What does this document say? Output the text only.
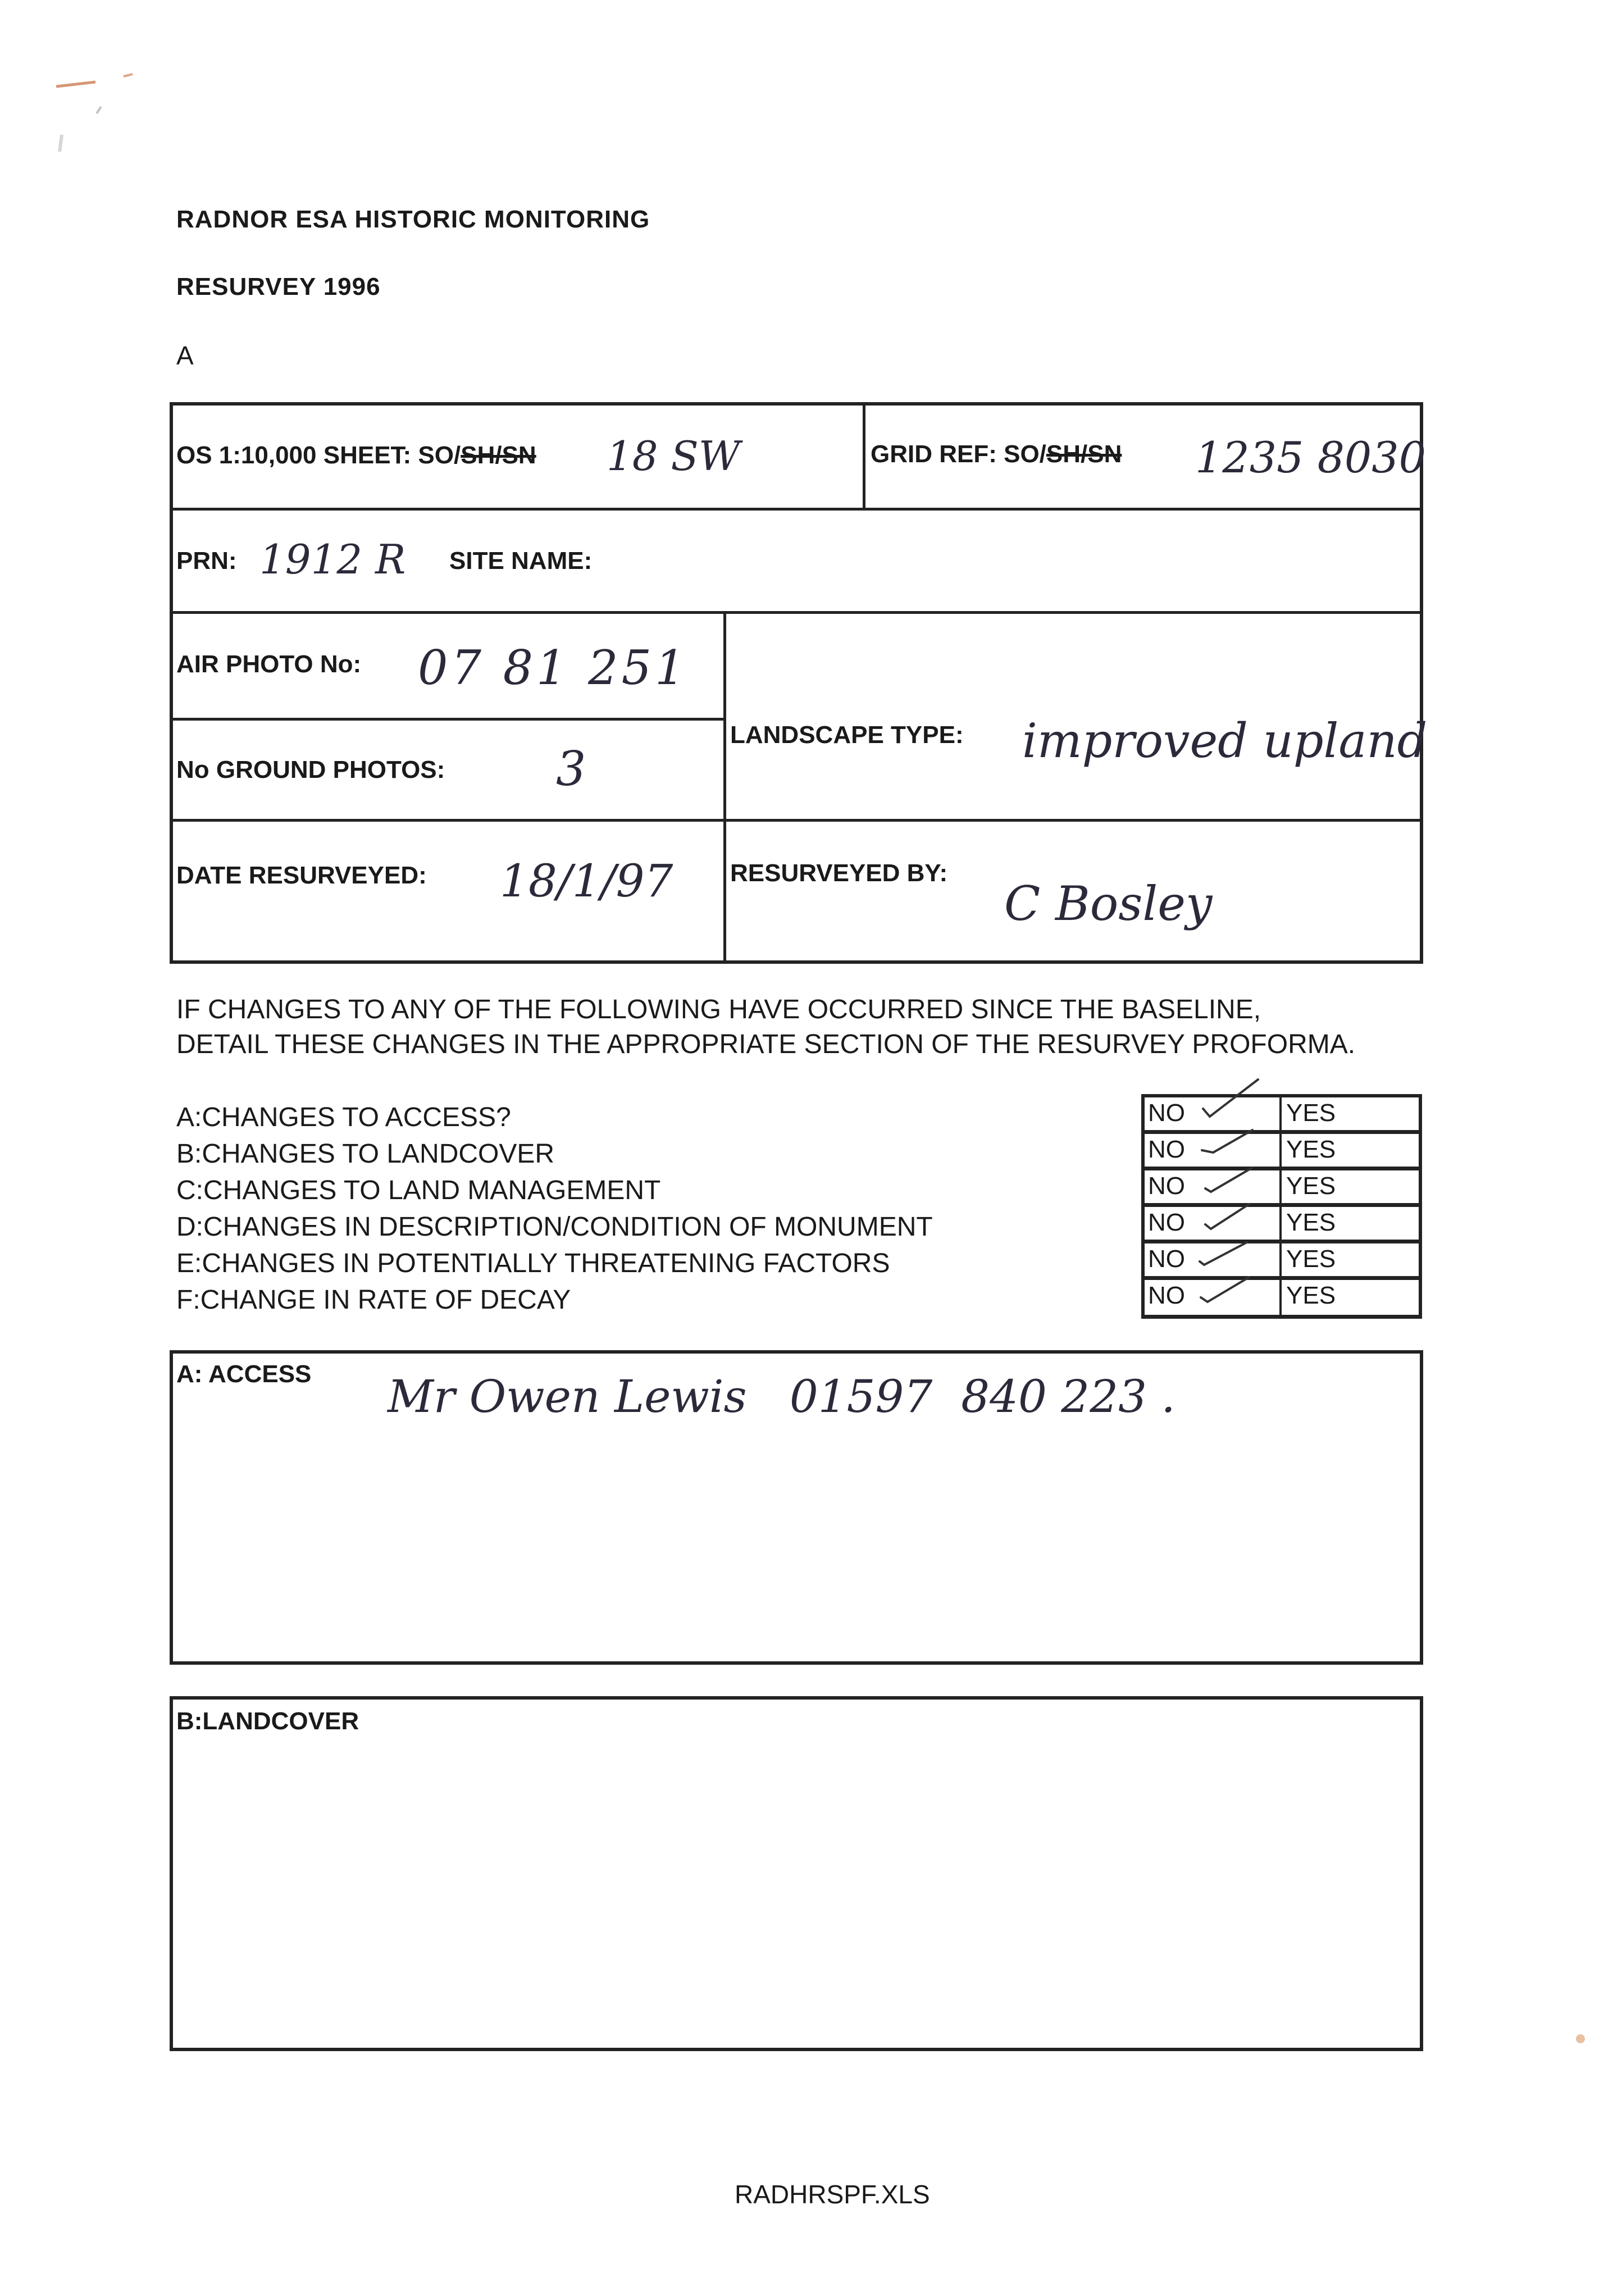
RADNOR ESA HISTORIC MONITORING
RESURVEY 1996
A
OS 1:10,000 SHEET: SO/SH/SN 18 SW	GRID REF: SO/SH/SN 1235 8030
PRN: 1912 R SITE NAME:
AIR PHOTO No: 07 81 251
No GROUND PHOTOS: 3
LANDSCAPE TYPE: improved upland
DATE RESURVEYED: 18/1/97 RESURVEYED BY:
C Bosley
IF CHANGES TO ANY OF THE FOLLOWING HAVE OCCURRED SINCE THE BASELINE,
DETAIL THESE CHANGES IN THE APPROPRIATE SECTION OF THE RESURVEY PROFORMA.
A:CHANGES TO ACCESS?
B:CHANGES TO LANDCOVER
C:CHANGES TO LAND MANAGEMENT
D:CHANGES IN DESCRIPTION/CONDITION OF MONUMENT
E:CHANGES IN POTENTIALLY THREATENING FACTORS
F:CHANGE IN RATE OF DECAY
NO	YES
NO	YES
NO	YES
NO	YES
NO	YES
NO	YES
A: ACCESS Mr Owen Lewis   01597  840 223 .
B:LANDCOVER
RADHRSPF.XLS
